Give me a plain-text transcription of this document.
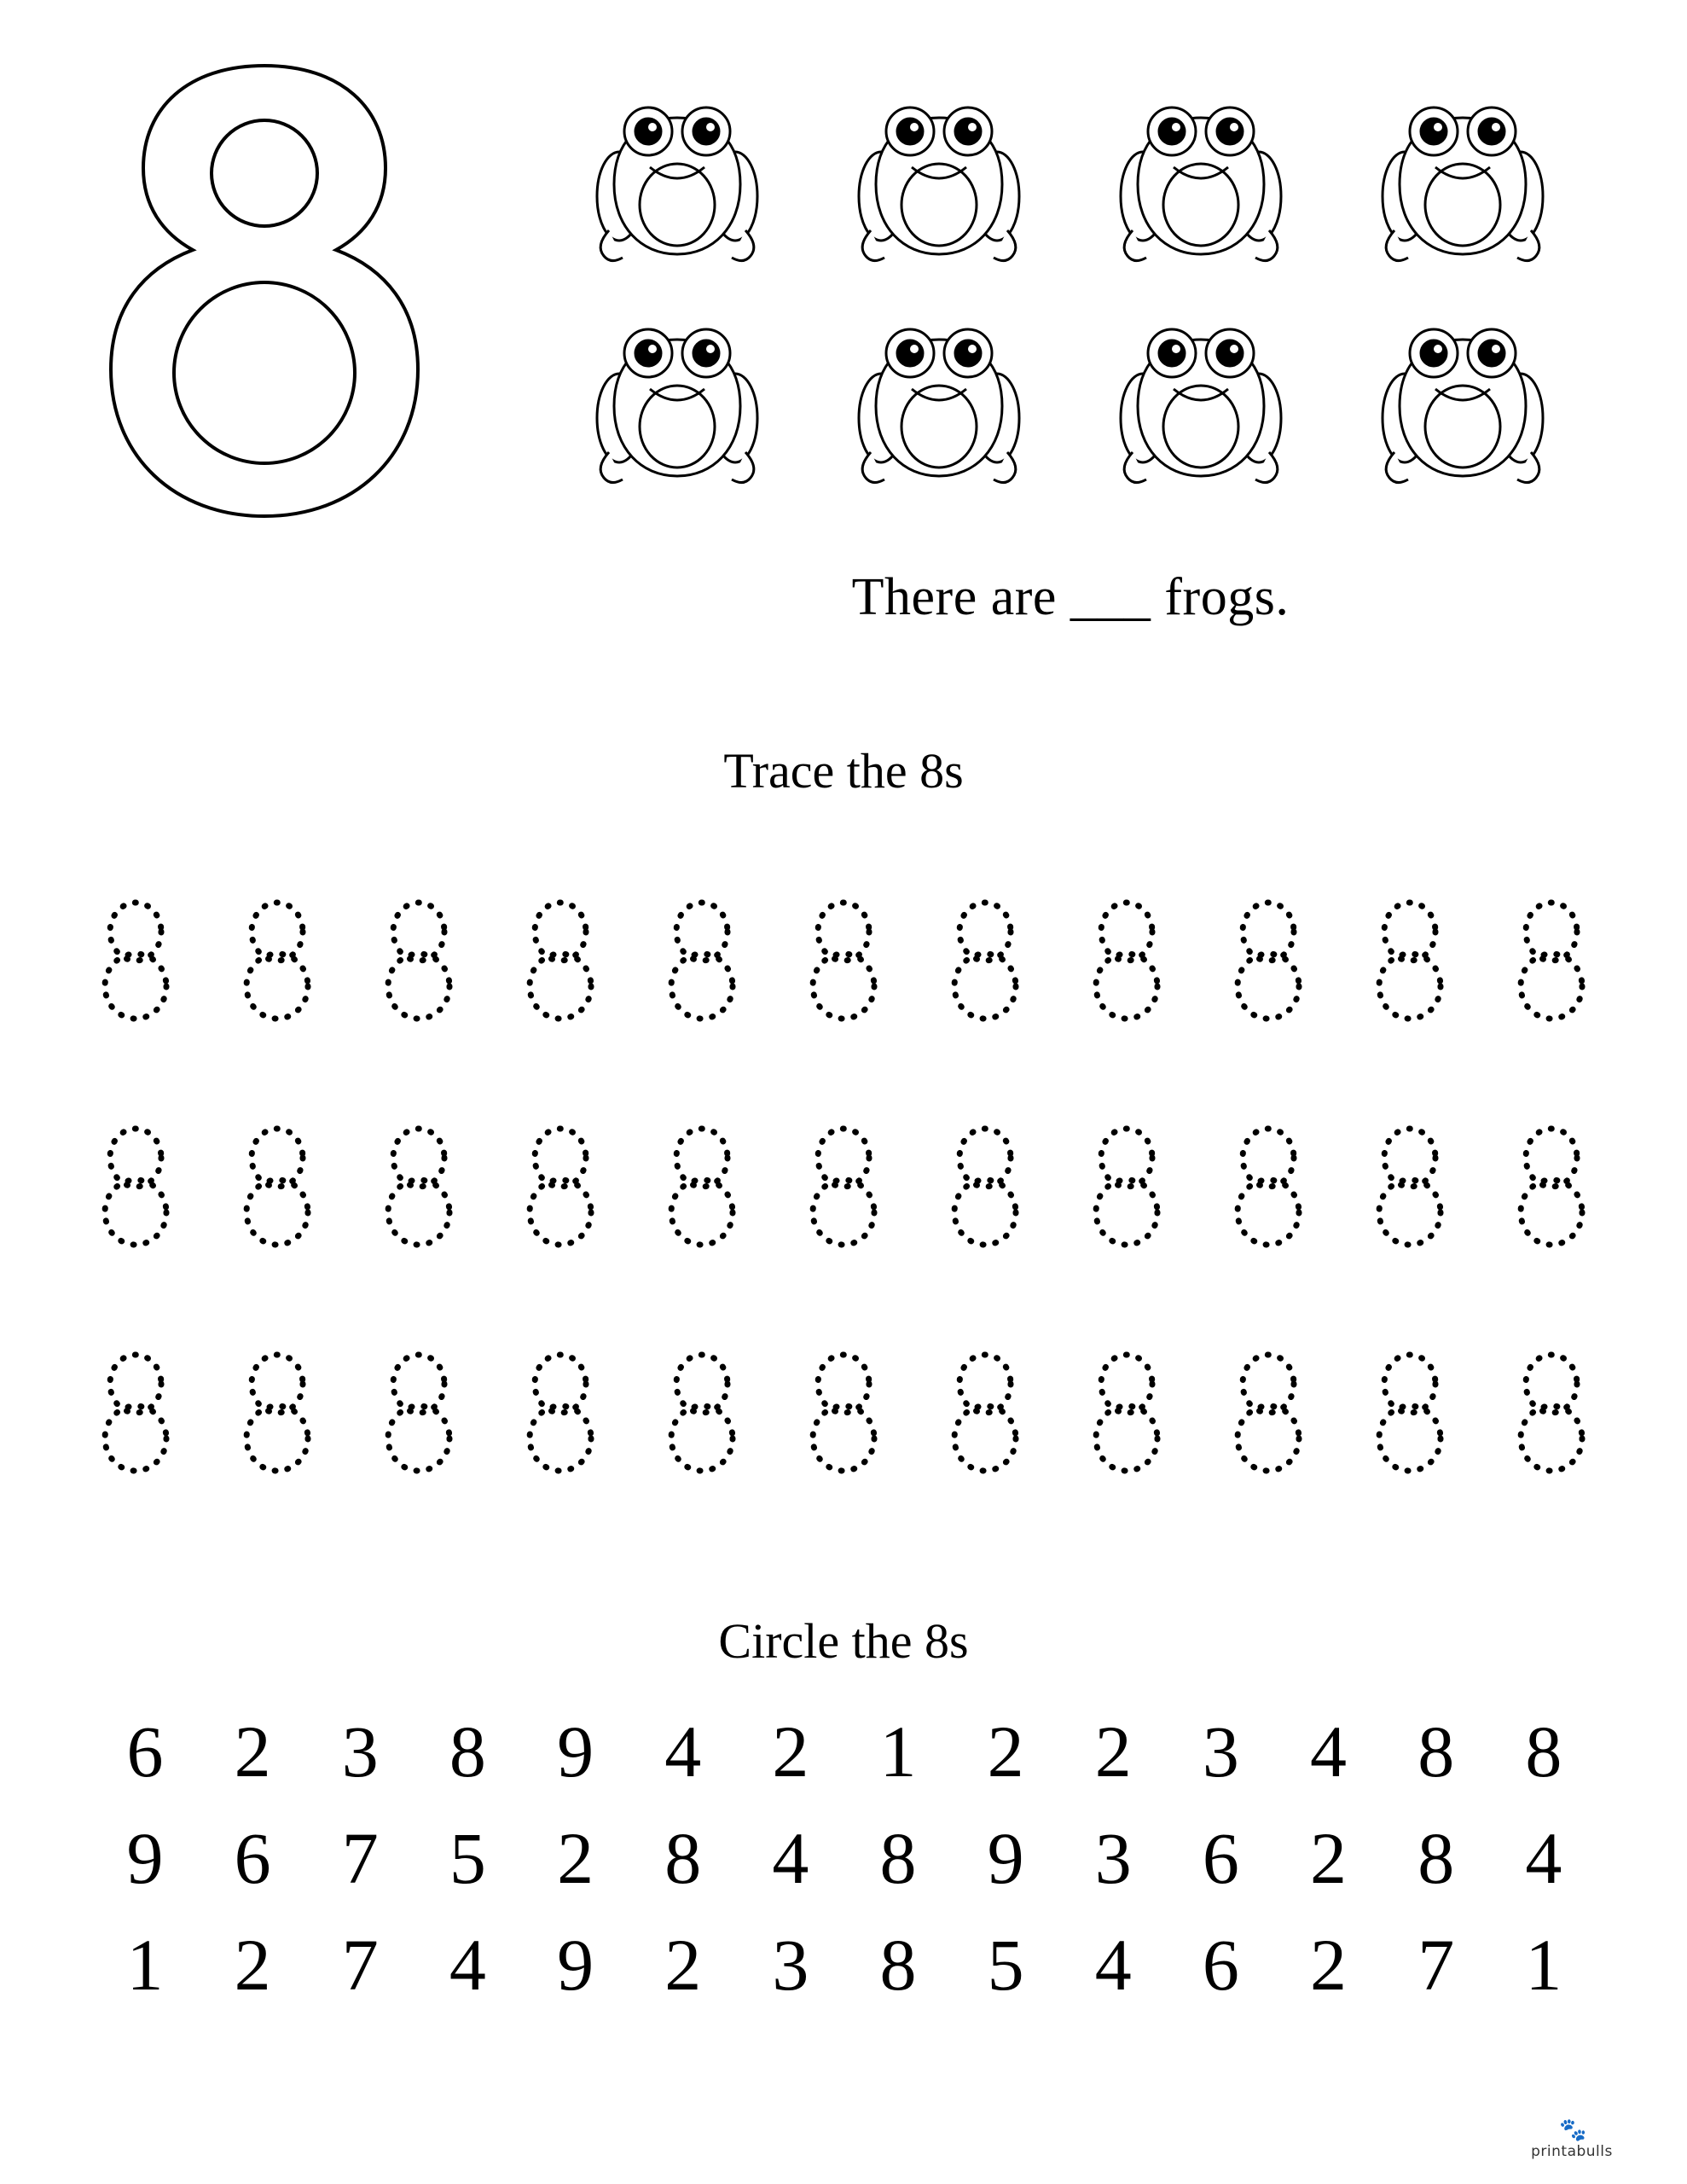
There are ___ frogs.
Trace the 8s
Circle the 8s
6 2 3 8 9 4 2 1 2 2 3 4 8 8
9 6 7 5 2 8 4 8 9 3 6 2 8 4
1 2 7 4 9 2 3 8 5 4 6 2 7 1
🐾
printabulls
